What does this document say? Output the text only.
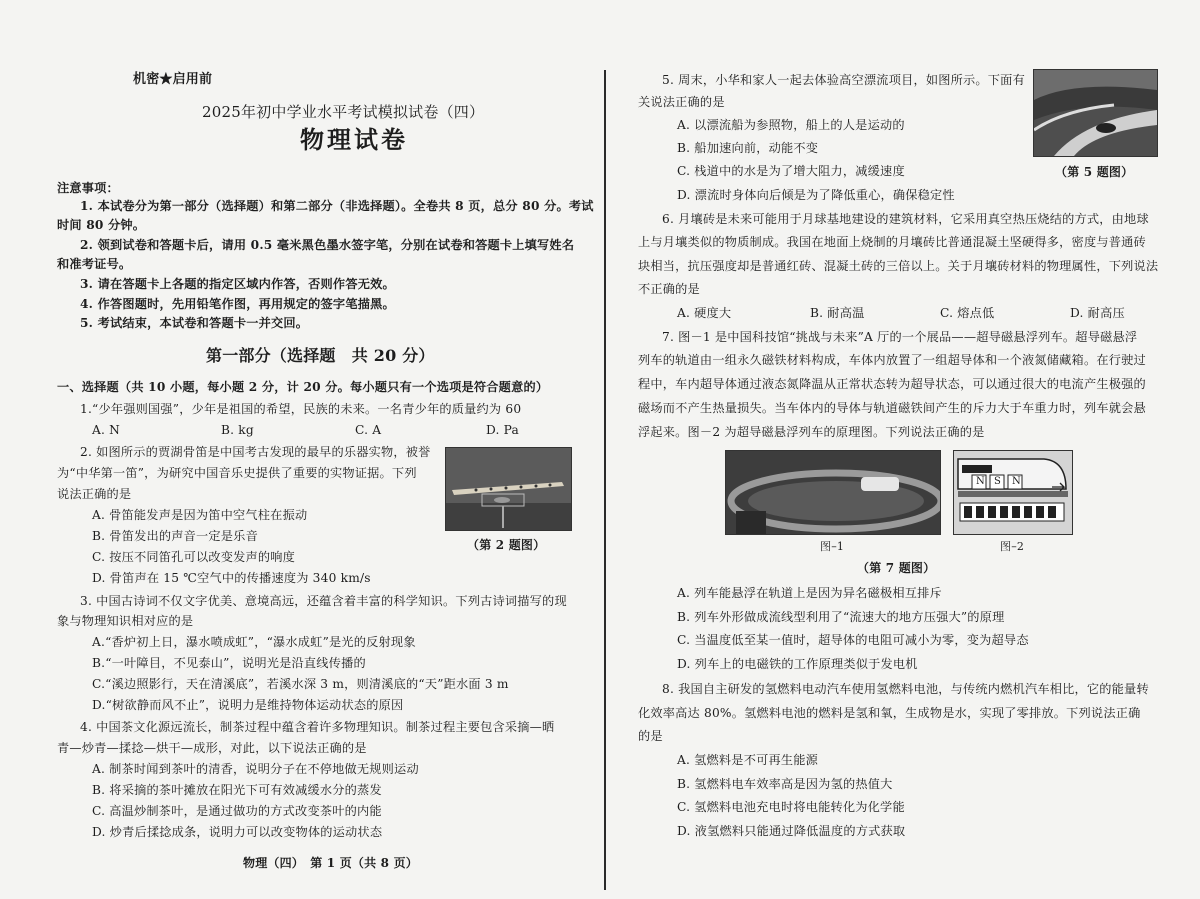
机密★启用前
2025年初中学业水平考试模拟试卷（四）
物理试卷
注意事项：
1. 本试卷分为第一部分（选择题）和第二部分（非选择题）。全卷共 8 页，总分 80 分。考试
时间 80 分钟。
2. 领到试卷和答题卡后，请用 0.5 毫米黑色墨水签字笔，分别在试卷和答题卡上填写姓名
和准考证号。
3. 请在答题卡上各题的指定区域内作答，否则作答无效。
4. 作答图题时，先用铅笔作图，再用规定的签字笔描黑。
5. 考试结束，本试卷和答题卡一并交回。
第一部分（选择题　共 20 分）
一、选择题（共 10 小题，每小题 2 分，计 20 分。每小题只有一个选项是符合题意的）
1.“少年强则国强”，少年是祖国的希望，民族的未来。一名青少年的质量约为 60
A. N	B. kg	C. A	D. Pa
2. 如图所示的贾湖骨笛是中国考古发现的最早的乐器实物，被誉
为“中华第一笛”，为研究中国音乐史提供了重要的实物证据。下列
说法正确的是
A. 骨笛能发声是因为笛中空气柱在振动
B. 骨笛发出的声音一定是乐音
C. 按压不同笛孔可以改变发声的响度
D. 骨笛声在 15 ℃空气中的传播速度为 340 km/s
（第 2 题图）
3. 中国古诗词不仅文字优美、意境高远，还蕴含着丰富的科学知识。下列古诗词描写的现
象与物理知识相对应的是
A.“香炉初上日，瀑水喷成虹”，“瀑水成虹”是光的反射现象
B.“一叶障目，不见泰山”，说明光是沿直线传播的
C.“溪边照影行，天在清溪底”，若溪水深 3 m，则清溪底的“天”距水面 3 m
D.“树欲静而风不止”，说明力是维持物体运动状态的原因
4. 中国茶文化源远流长，制茶过程中蕴含着许多物理知识。制茶过程主要包含采摘—晒
青—炒青—揉捻—烘干—成形，对此，以下说法正确的是
A. 制茶时闻到茶叶的清香，说明分子在不停地做无规则运动
B. 将采摘的茶叶摊放在阳光下可有效减缓水分的蒸发
C. 高温炒制茶叶，是通过做功的方式改变茶叶的内能
D. 炒青后揉捻成条，说明力可以改变物体的运动状态
物理（四）　第 1 页（共 8 页）
5. 周末，小华和家人一起去体验高空漂流项目，如图所示。下面有
关说法正确的是
A. 以漂流船为参照物，船上的人是运动的
B. 船加速向前，动能不变
C. 栈道中的水是为了增大阻力，减缓速度
D. 漂流时身体向后倾是为了降低重心，确保稳定性
（第 5 题图）
6. 月壤砖是未来可能用于月球基地建设的建筑材料，它采用真空热压烧结的方式，由地球
上与月壤类似的物质制成。我国在地面上烧制的月壤砖比普通混凝土坚硬得多，密度与普通砖
块相当，抗压强度却是普通红砖、混凝土砖的三倍以上。关于月壤砖材料的物理属性，下列说法
不正确的是
A. 硬度大	B. 耐高温	C. 熔点低	D. 耐高压
7. 图－1 是中国科技馆“挑战与未来”A 厅的一个展品——超导磁悬浮列车。超导磁悬浮
列车的轨道由一组永久磁铁材料构成，车体内放置了一组超导体和一个液氮储藏箱。在行驶过
程中，车内超导体通过液态氮降温从正常状态转为超导状态，可以通过很大的电流产生极强的
磁场而不产生热量损失。当车体内的导体与轨道磁铁间产生的斥力大于车重力时，列车就会悬
浮起来。图－2 为超导磁悬浮列车的原理图。下列说法正确的是
N S N
图–1	图–2
（第 7 题图）
A. 列车能悬浮在轨道上是因为异名磁极相互排斥
B. 列车外形做成流线型利用了“流速大的地方压强大”的原理
C. 当温度低至某一值时，超导体的电阻可减小为零，变为超导态
D. 列车上的电磁铁的工作原理类似于发电机
8. 我国自主研发的氢燃料电动汽车使用氢燃料电池，与传统内燃机汽车相比，它的能量转
化效率高达 80%。氢燃料电池的燃料是氢和氧，生成物是水，实现了零排放。下列说法正确
的是
A. 氢燃料是不可再生能源
B. 氢燃料电车效率高是因为氢的热值大
C. 氢燃料电池充电时将电能转化为化学能
D. 液氢燃料只能通过降低温度的方式获取
